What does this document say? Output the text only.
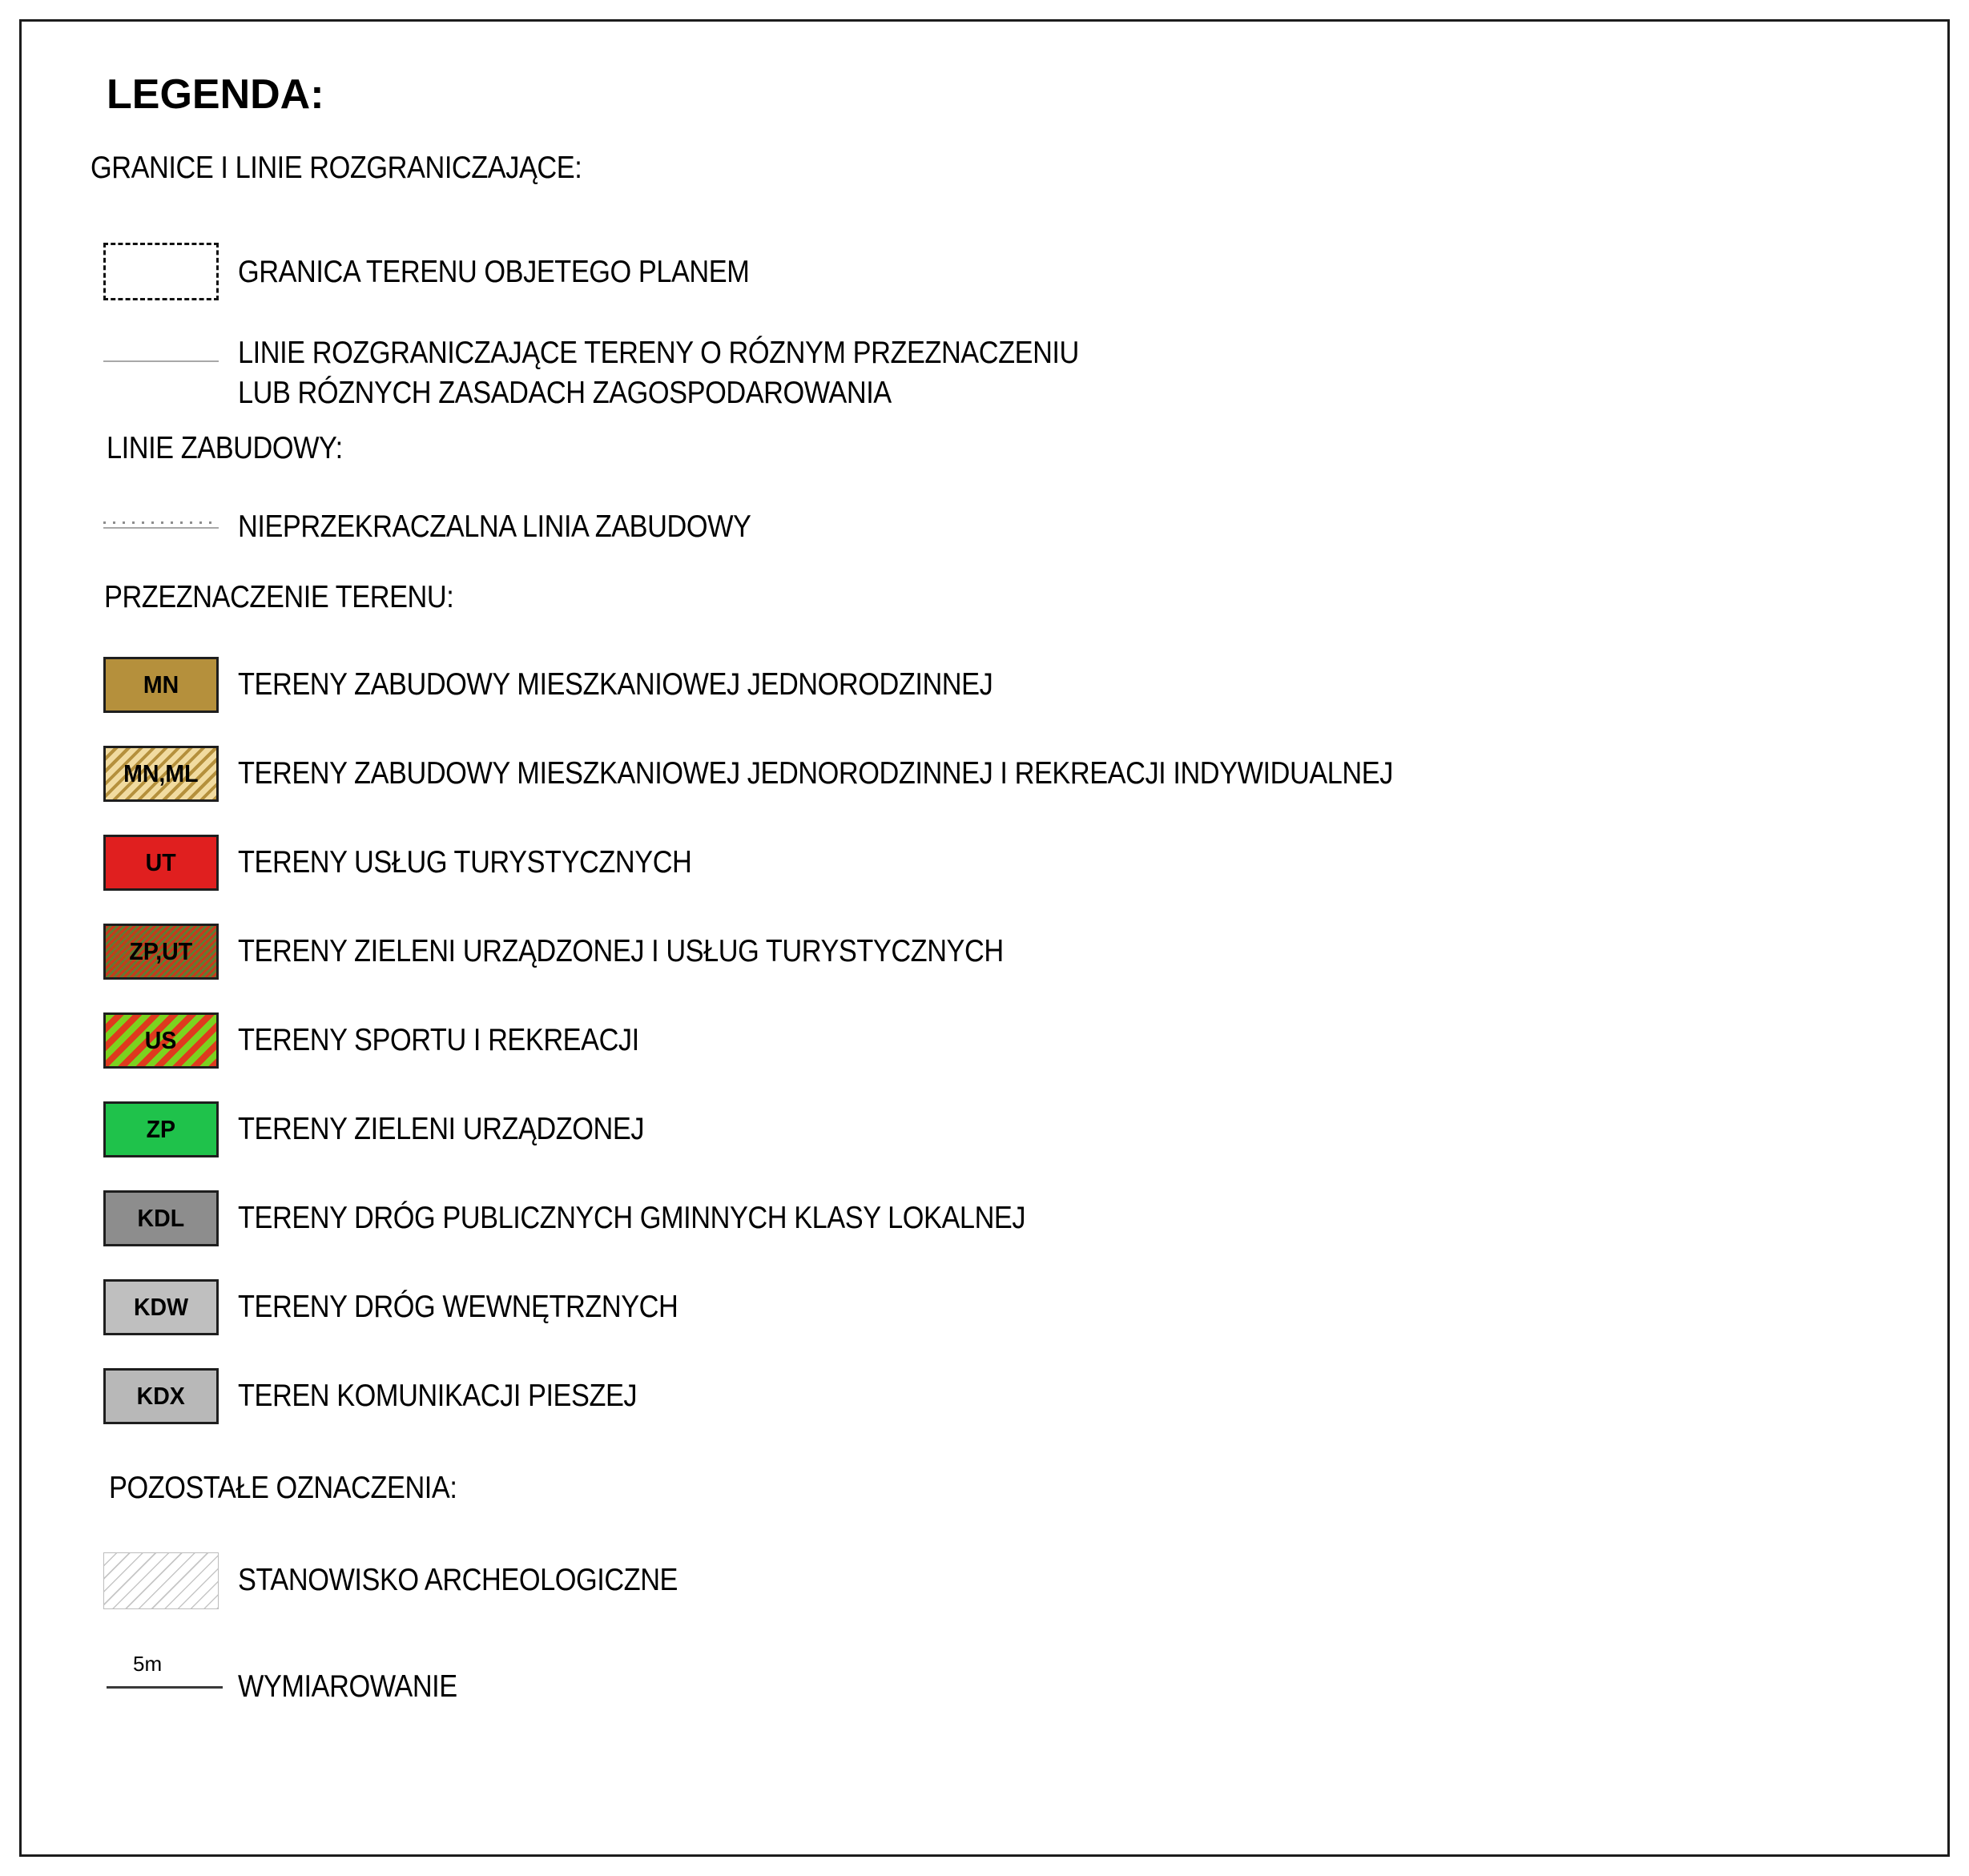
LEGENDA:
GRANICE I LINIE ROZGRANICZAJĄCE:
GRANICA TERENU OBJETEGO PLANEM
LINIE ROZGRANICZAJĄCE TERENY O RÓZNYM PRZEZNACZENIU
LUB RÓZNYCH ZASADACH ZAGOSPODAROWANIA
LINIE ZABUDOWY:
NIEPRZEKRACZALNA LINIA ZABUDOWY
PRZEZNACZENIE TERENU:
MN TERENY ZABUDOWY MIESZKANIOWEJ JEDNORODZINNEJ
MN,ML TERENY ZABUDOWY MIESZKANIOWEJ JEDNORODZINNEJ I REKREACJI INDYWIDUALNEJ
UT TERENY USŁUG TURYSTYCZNYCH
ZP,UT TERENY ZIELENI URZĄDZONEJ I USŁUG TURYSTYCZNYCH
US TERENY SPORTU I REKREACJI
ZP TERENY ZIELENI URZĄDZONEJ
KDL TERENY DRÓG PUBLICZNYCH GMINNYCH KLASY LOKALNEJ
KDW TERENY DRÓG WEWNĘTRZNYCH
KDX TEREN KOMUNIKACJI PIESZEJ
POZOSTAŁE OZNACZENIA:
STANOWISKO ARCHEOLOGICZNE
5m
WYMIAROWANIE
